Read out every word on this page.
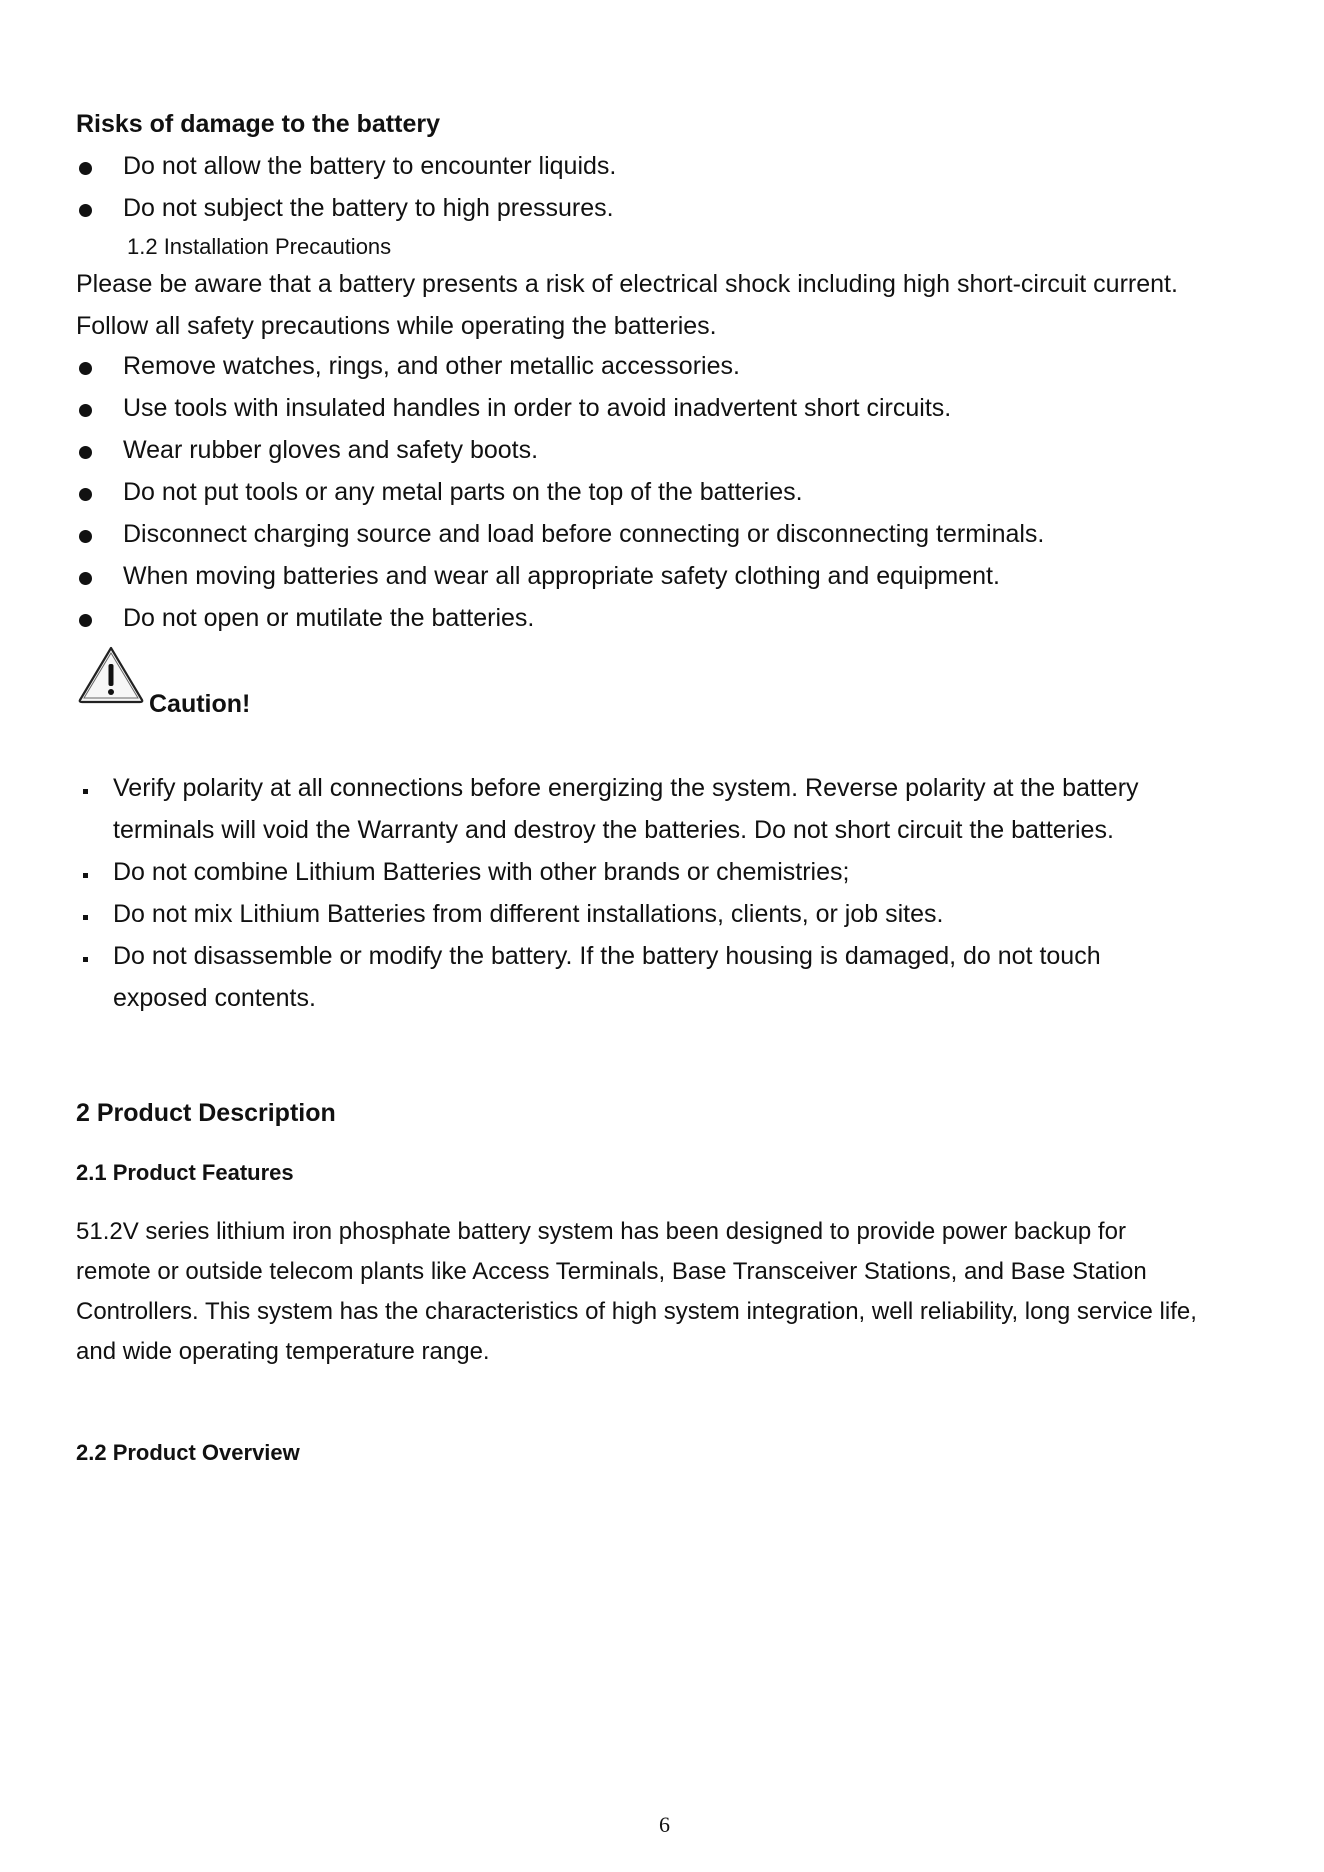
Risks of damage to the battery
Do not allow the battery to encounter liquids.
Do not subject the battery to high pressures.
1.2 Installation Precautions
Please be aware that a battery presents a risk of electrical shock including high short-circuit current.
Follow all safety precautions while operating the batteries.
Remove watches, rings, and other metallic accessories.
Use tools with insulated handles in order to avoid inadvertent short circuits.
Wear rubber gloves and safety boots.
Do not put tools or any metal parts on the top of the batteries.
Disconnect charging source and load before connecting or disconnecting terminals.
When moving batteries and wear all appropriate safety clothing and equipment.
Do not open or mutilate the batteries.
Caution!
Verify polarity at all connections before energizing the system. Reverse polarity at the battery
terminals will void the Warranty and destroy the batteries. Do not short circuit the batteries.
Do not combine Lithium Batteries with other brands or chemistries;
Do not mix Lithium Batteries from different installations, clients, or job sites.
Do not disassemble or modify the battery. If the battery housing is damaged, do not touch
exposed contents.
2 Product Description
2.1 Product Features
51.2V series lithium iron phosphate battery system has been designed to provide power backup for
remote or outside telecom plants like Access Terminals, Base Transceiver Stations, and Base Station
Controllers. This system has the characteristics of high system integration, well reliability, long service life,
and wide operating temperature range.
2.2 Product Overview
6
